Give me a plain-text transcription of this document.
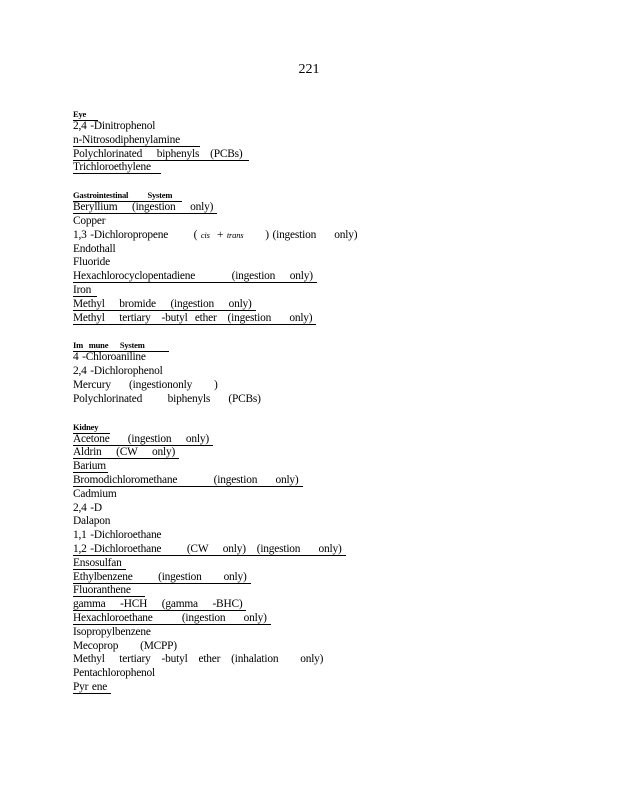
221
Eye
2,4 -Dinitrophenol
n-Nitrosodiphenylamine
Polychlorinated    biphenyls   (PCBs)
Trichloroethylene
Gastrointestinal          System
Beryllium    (ingestion    only)
Copper
1,3 -Dichloropropene ( cis + trans ) (ingestion     only)
Endothall
Fluoride
Hexachlorocyclopentadiene          (ingestion    only)
Iron
Methyl    bromide    (ingestion    only)
Methyl    tertiary   -butyl  ether   (ingestion     only)
Im   mune      System
4 -Chloroaniline
2,4 -Dichlorophenol
Mercury     (ingestiononly      )
Polychlorinated       biphenyls     (PCBs)
Kidney
Acetone     (ingestion    only)
Aldrin    (CW    only)
Barium
Bromodichloromethane          (ingestion     only)
Cadmium
2,4 -D
Dalapon
1,1 -Dichloroethane
1,2 -Dichloroethane       (CW    only)   (ingestion     only)
Ensosulfan
Ethylbenzene       (ingestion      only)
Fluoranthene
gamma    -HCH    (gamma    -BHC)
Hexachloroethane        (ingestion     only)
Isopropylbenzene
Mecoprop      (MCPP)
Methyl    tertiary   -butyl   ether   (inhalation      only)
Pentachlorophenol
Pyr ene
